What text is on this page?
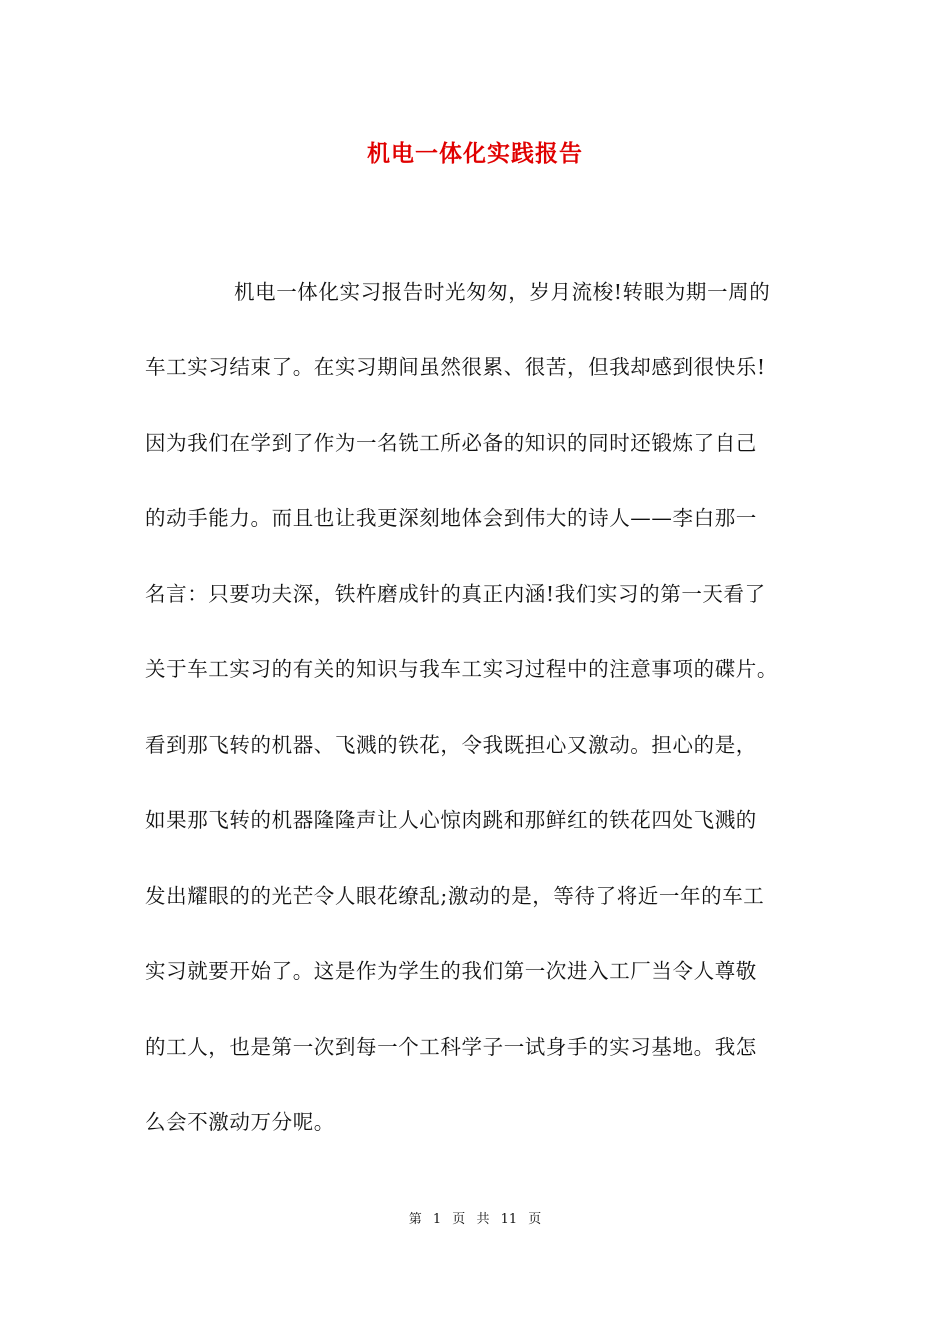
机电一体化实践报告
机电一体化实习报告时光匆匆，岁月流梭!转眼为期一周的
车工实习结束了。在实习期间虽然很累、很苦，但我却感到很快乐!
因为我们在学到了作为一名铣工所必备的知识的同时还锻炼了自己
的动手能力。而且也让我更深刻地体会到伟大的诗人——李白那一
名言：只要功夫深，铁杵磨成针的真正内涵!我们实习的第一天看了
关于车工实习的有关的知识与我车工实习过程中的注意事项的碟片。
看到那飞转的机器、飞溅的铁花，令我既担心又激动。担心的是，
如果那飞转的机器隆隆声让人心惊肉跳和那鲜红的铁花四处飞溅的
发出耀眼的的光芒令人眼花缭乱;激动的是，等待了将近一年的车工
实习就要开始了。这是作为学生的我们第一次进入工厂当令人尊敬
的工人，也是第一次到每一个工科学子一试身手的实习基地。我怎
么会不激动万分呢。
第 1 页 共 11 页
